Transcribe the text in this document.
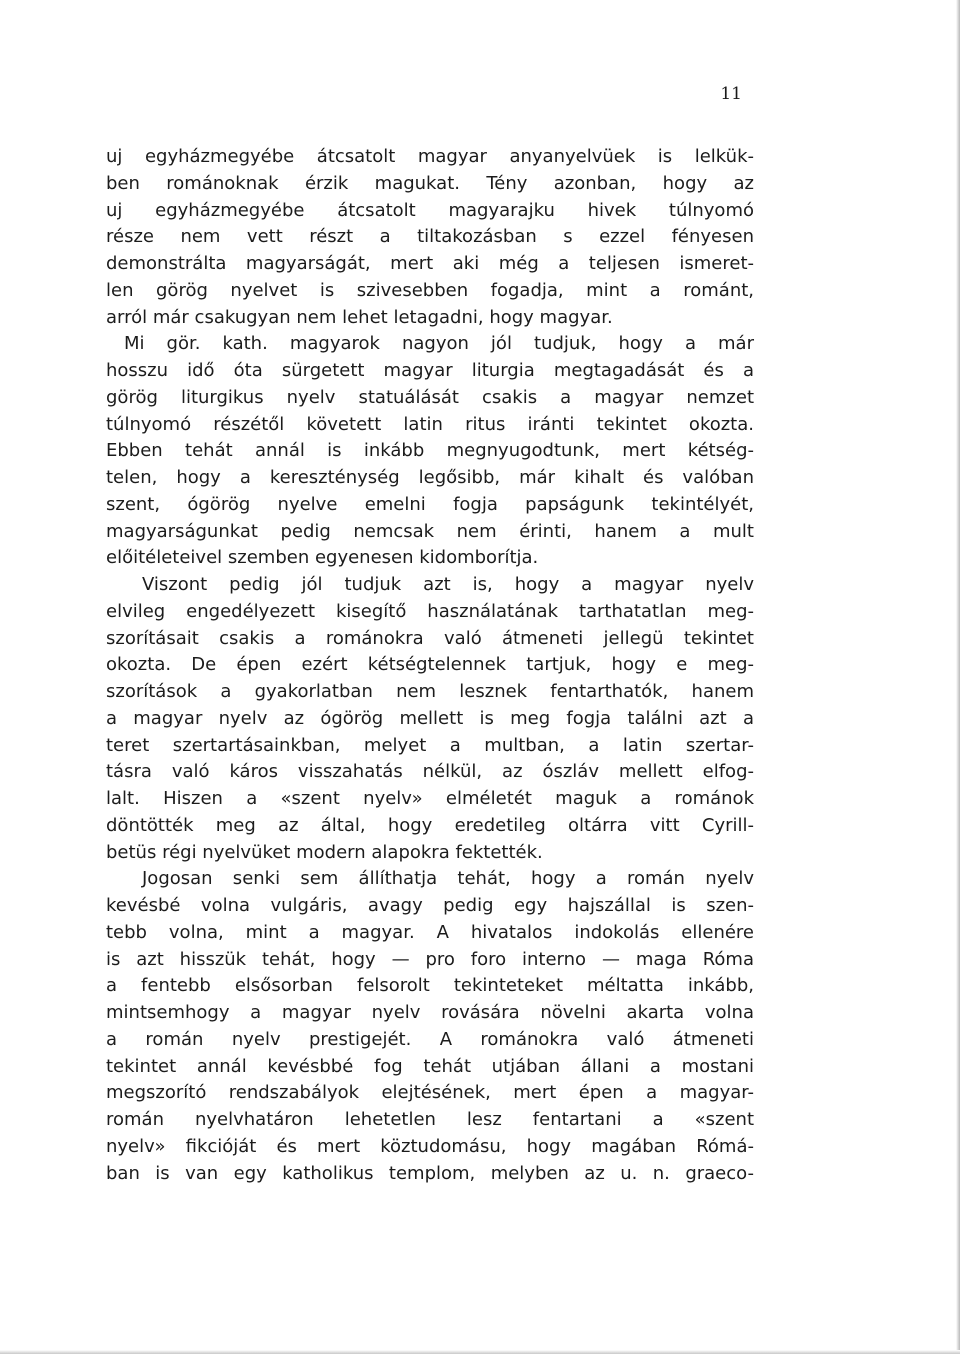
11
uj egyházmegyébe átcsatolt magyar anyanyelvüek is lelkük-
ben románoknak érzik magukat. Tény azonban, hogy az
uj egyházmegyébe átcsatolt magyarajku hivek túlnyomó
része nem vett részt a tiltakozásban s ezzel fényesen
demonstrálta magyarságát, mert aki még a teljesen ismeret-
len görög nyelvet is szivesebben fogadja, mint a románt,
arról már csakugyan nem lehet letagadni, hogy magyar.
Mi gör. kath. magyarok nagyon jól tudjuk, hogy a már
hosszu idő óta sürgetett magyar liturgia megtagadását és a
görög liturgikus nyelv statuálását csakis a magyar nemzet
túlnyomó részétől követett latin ritus iránti tekintet okozta.
Ebben tehát annál is inkább megnyugodtunk, mert kétség-
telen, hogy a kereszténység legősibb, már kihalt és valóban
szent, ógörög nyelve emelni fogja papságunk tekintélyét,
magyarságunkat pedig nemcsak nem érinti, hanem a mult
előitéleteivel szemben egyenesen kidomborítja.
Viszont pedig jól tudjuk azt is, hogy a magyar nyelv
elvileg engedélyezett kisegítő használatának tarthatatlan meg-
szorításait csakis a románokra való átmeneti jellegü tekintet
okozta. De épen ezért kétségtelennek tartjuk, hogy e meg-
szorítások a gyakorlatban nem lesznek fentarthatók, hanem
a magyar nyelv az ógörög mellett is meg fogja találni azt a
teret szertartásainkban, melyet a multban, a latin szertar-
tásra való káros visszahatás nélkül, az ószláv mellett elfog-
lalt. Hiszen a «szent nyelv» elméletét maguk a románok
döntötték meg az által, hogy eredetileg oltárra vitt Cyrill-
betüs régi nyelvüket modern alapokra fektették.
Jogosan senki sem állíthatja tehát, hogy a román nyelv
kevésbé volna vulgáris, avagy pedig egy hajszállal is szen-
tebb volna, mint a magyar. A hivatalos indokolás ellenére
is azt hisszük tehát, hogy — pro foro interno — maga Róma
a fentebb elsősorban felsorolt tekinteteket méltatta inkább,
mintsemhogy a magyar nyelv rovására növelni akarta volna
a román nyelv prestigejét. A románokra való átmeneti
tekintet annál kevésbbé fog tehát utjában állani a mostani
megszorító rendszabályok elejtésének, mert épen a magyar-
román nyelvhatáron lehetetlen lesz fentartani a «szent
nyelv» fikcióját és mert köztudomásu, hogy magában Rómá-
ban is van egy katholikus templom, melyben az u. n. graeco-
